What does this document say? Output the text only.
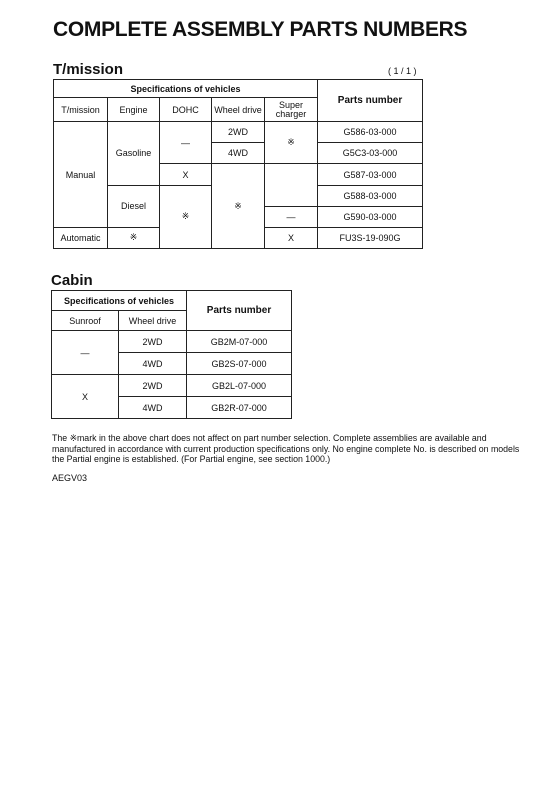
COMPLETE ASSEMBLY PARTS NUMBERS
T/mission	( 1 / 1 )
Specifications of vehicles					Parts number
T/mission	Engine	DOHC	Wheel drive	Super charger	
Manual	Gasoline	—	2WD	※	G586-03-000
			4WD		G5C3-03-000
		X	※		G587-03-000
	Diesel	※			G588-03-000
				—	G590-03-000
Automatic	※			X	FU3S-19-090G
Cabin
Specifications of vehicles		Parts number
Sunroof	Wheel drive	
—	2WD	GB2M-07-000
	4WD	GB2S-07-000
X	2WD	GB2L-07-000
	4WD	GB2R-07-000
The ※mark in the above chart does not affect on part number selection. Complete assemblies are available and manufactured in accordance with current production specifications only. No engine complete No. is described on models the Partial engine is established. (For Partial engine, see section 1000.)
AEGV03
